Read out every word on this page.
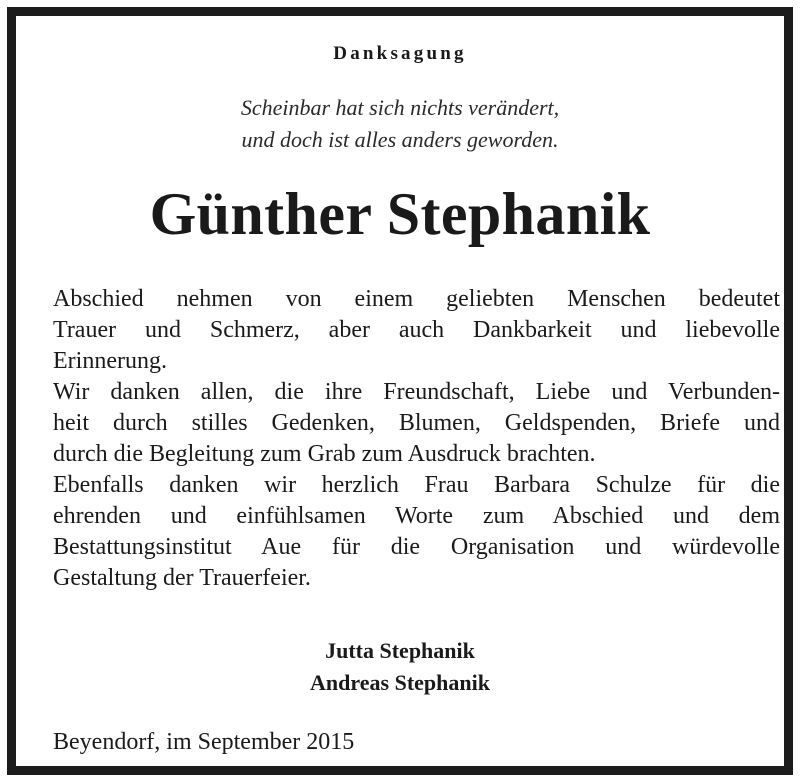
Danksagung
Scheinbar hat sich nichts verändert,
und doch ist alles anders geworden.
Günther Stephanik
Abschied nehmen von einem geliebten Menschen bedeutet
Trauer und Schmerz, aber auch Dankbarkeit und liebevolle
Erinnerung.
Wir danken allen, die ihre Freundschaft, Liebe und Verbunden-
heit durch stilles Gedenken, Blumen, Geldspenden, Briefe und
durch die Begleitung zum Grab zum Ausdruck brachten.
Ebenfalls danken wir herzlich Frau Barbara Schulze für die
ehrenden und einfühlsamen Worte zum Abschied und dem
Bestattungsinstitut Aue für die Organisation und würdevolle
Gestaltung der Trauerfeier.
Jutta Stephanik
Andreas Stephanik
Beyendorf, im September 2015
